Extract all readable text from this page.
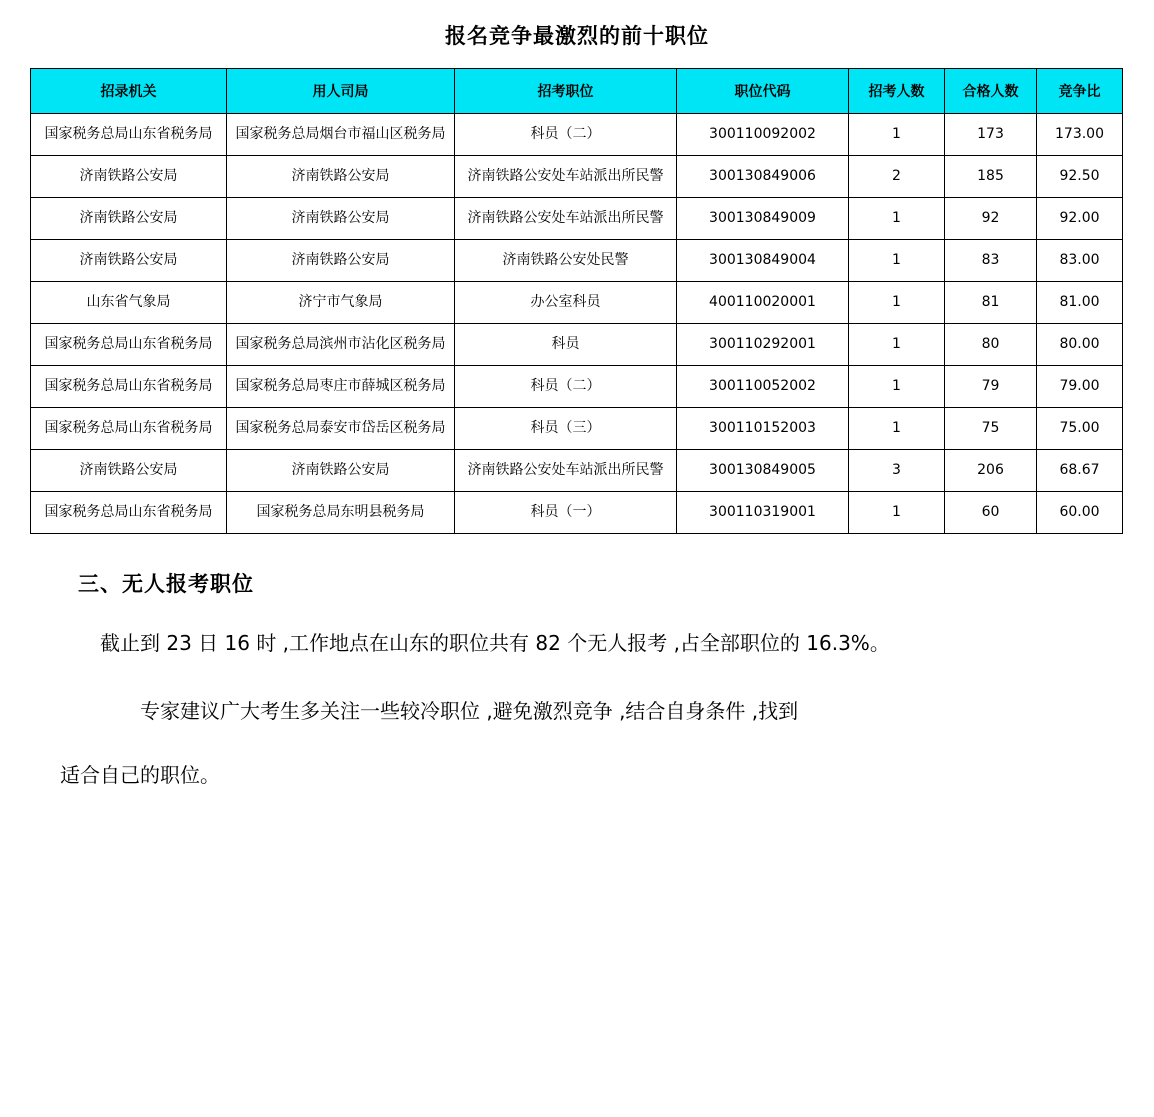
报名竞争最激烈的前十职位
招录机关	用人司局	招考职位	职位代码	招考人数	合格人数	竞争比
国家税务总局山东省税务局	国家税务总局烟台市福山区税务局	科员（二）	300110092002	1	173	173.00
济南铁路公安局	济南铁路公安局	济南铁路公安处车站派出所民警	300130849006	2	185	92.50
济南铁路公安局	济南铁路公安局	济南铁路公安处车站派出所民警	300130849009	1	92	92.00
济南铁路公安局	济南铁路公安局	济南铁路公安处民警	300130849004	1	83	83.00
山东省气象局	济宁市气象局	办公室科员	400110020001	1	81	81.00
国家税务总局山东省税务局	国家税务总局滨州市沾化区税务局	科员	300110292001	1	80	80.00
国家税务总局山东省税务局	国家税务总局枣庄市薛城区税务局	科员（二）	300110052002	1	79	79.00
国家税务总局山东省税务局	国家税务总局泰安市岱岳区税务局	科员（三）	300110152003	1	75	75.00
济南铁路公安局	济南铁路公安局	济南铁路公安处车站派出所民警	300130849005	3	206	68.67
国家税务总局山东省税务局	国家税务总局东明县税务局	科员（一）	300110319001	1	60	60.00
三、无人报考职位

截止到 23 日 16 时 ,工作地点在山东的职位共有 82 个无人报考 ,占全部职位的 16.3%。

专家建议广大考生多关注一些较冷职位 ,避免激烈竞争 ,结合自身条件 ,找到

适合自己的职位。
